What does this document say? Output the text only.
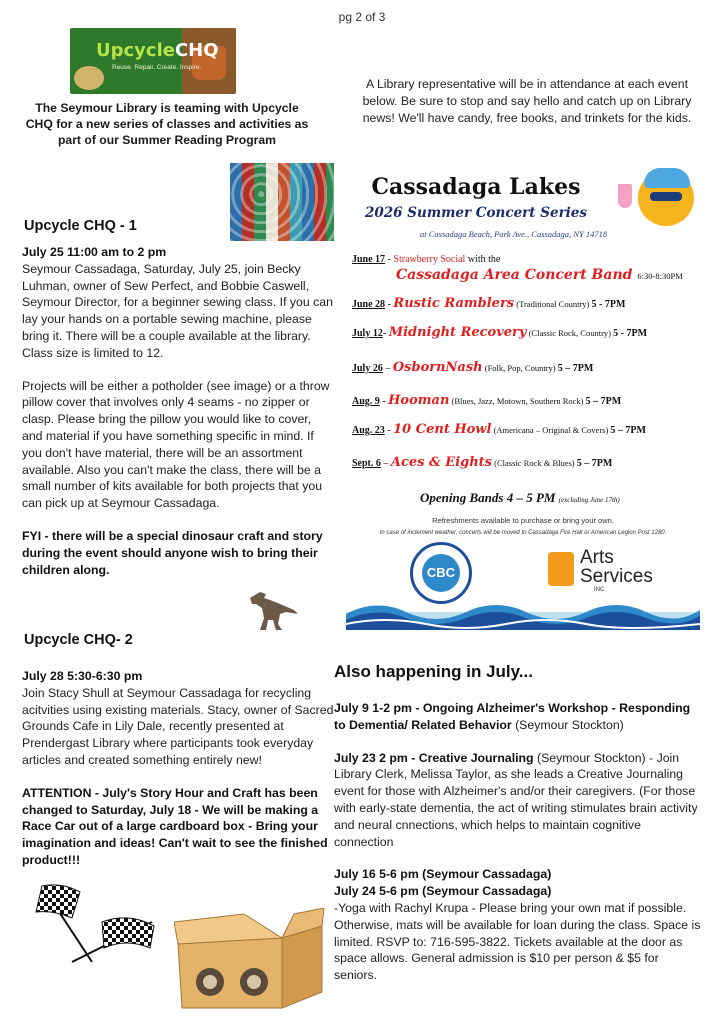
pg 2 of 3
UpcycleCHQ
Reuse. Repair. Create. Inspire.
The Seymour Library is teaming with Upcycle CHQ for a new series of classes and activities as part of our Summer Reading Program
A Library representative will be in attendance at each event below. Be sure to stop and say hello and catch up on Library news! We'll have candy, free books, and trinkets for the kids.
Upcycle CHQ - 1
July 25 11:00 am to 2 pm

Seymour Cassadaga, Saturday, July 25, join Becky Luhman, owner of Sew Perfect, and Bobbie Caswell, Seymour Director, for a beginner sewing class. If you can lay your hands on a portable sewing machine, please bring it. There will be a couple available at the library. Class size is limited to 12.

Projects will be either a potholder (see image) or a throw pillow cover that involves only 4 seams - no zipper or clasp. Please bring the pillow you would like to cover, and material if you have something specific in mind. If you don't have material, there will be an assortment available. Also you can't make the class, there will be a small number of kits available for both projects that you can pick up at Seymour Cassadaga.

FYI - there will be a special dinosaur craft and story during the event should anyone wish to bring their children along.

Cassadaga Lakes
2026 Summer Concert Series
at Cassadaga Beach, Park Ave., Cassadaga, NY 14718
June 17 - Strawberry Social with the
Cassadaga Area Concert Band 6:30-8:30PM
June 28 - Rustic Ramblers (Traditional Country) 5 - 7PM
July 12- Midnight Recovery (Classic Rock, Country) 5 - 7PM
July 26 – OsbornNash (Folk, Pop, Country) 5 – 7PM
Aug. 9 - Hooman (Blues, Jazz, Motown, Southern Rock) 5 – 7PM
Aug. 23 - 10 Cent Howl (Americana – Original & Covers) 5 – 7PM
Sept. 6 – Aces & Eights (Classic Rock & Blues) 5 – 7PM
Opening Bands 4 – 5 PM (excluding June 17th)
Refreshments available to purchase or bring your own.
In case of inclement weather, concerts will be moved to Cassadaga Fire Hall or American Legion Post 1280.
CBC
Arts
Services
INC
Upcycle CHQ- 2
July 28 5:30-6:30 pm

Join Stacy Shull at Seymour Cassadaga for recycling acitvities using existing materials. Stacy, owner of Sacred Grounds Cafe in Lily Dale, recently presented at Prendergast Library where participants took everyday articles and created something entirely new!

ATTENTION - July's Story Hour and Craft has been changed to Saturday, July 18 - We will be making a Race Car out of a large cardboard box - Bring your imagination and ideas! Can't wait to see the finished product!!!

Also happening in July...

July 9 1-2 pm - Ongoing Alzheimer's Workshop - Responding to Dementia/ Related Behavior (Seymour Stockton)

July 23 2 pm - Creative Journaling (Seymour Stockton) - Join Library Clerk, Melissa Taylor, as she leads a Creative Journaling event for those with Alzheimer's and/or their caregivers. (For those with early-state dementia, the act of writing stimulates brain activity and neural cnnections, which helps to maintain cognitive connection

July 16 5-6 pm (Seymour Cassadaga)
July 24 5-6 pm (Seymour Cassadaga)
-Yoga with Rachyl Krupa - Please bring your own mat if possible. Otherwise, mats will be available for loan during the class. Space is limited. RSVP to: 716-595-3822. Tickets available at the door as space allows. General admission is $10 per person & $5 for seniors.
